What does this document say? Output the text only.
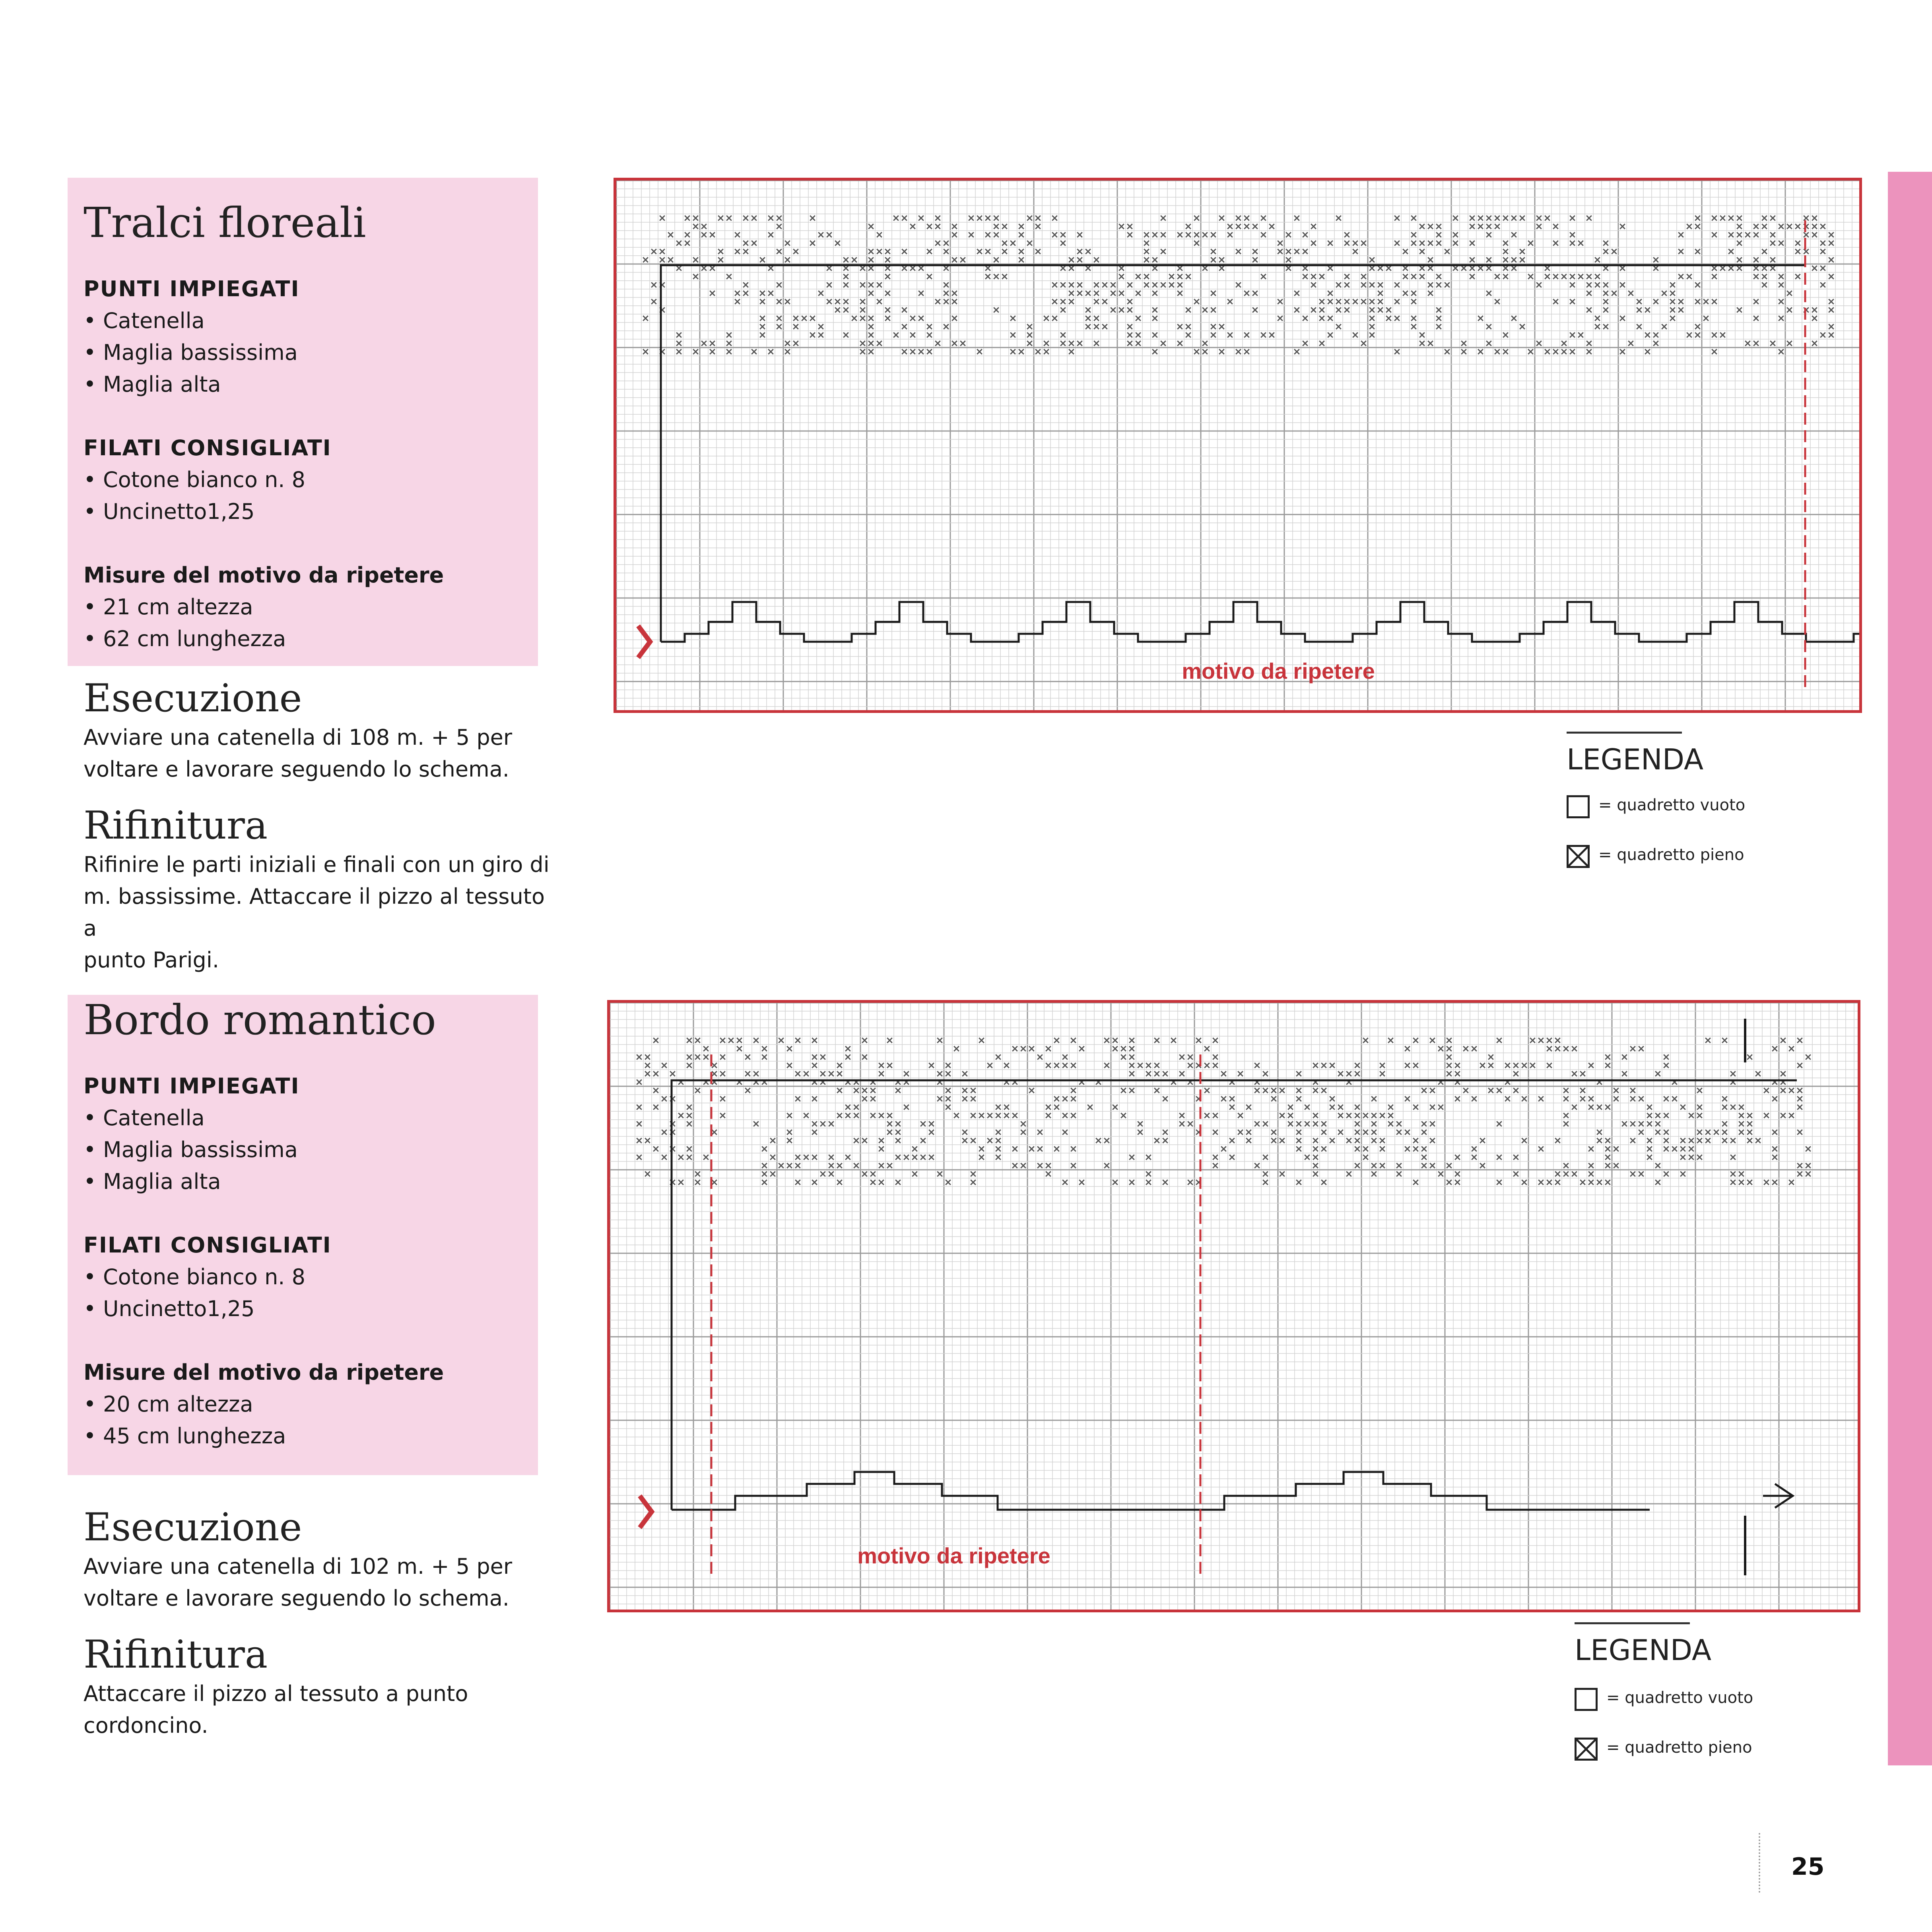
Tralci floreali
PUNTI IMPIEGATI
• Catenella
• Maglia bassissima
• Maglia alta
FILATI CONSIGLIATI
• Cotone bianco n. 8
• Uncinetto1,25
Misure del motivo da ripetere
• 21 cm altezza
• 62 cm lunghezza
Esecuzione
Avviare una catenella di 108 m. + 5 per
voltare e lavorare seguendo lo schema.
Rifinitura
Rifinire le parti iniziali e finali con un giro di
m. bassissime. Attaccare il pizzo al tessuto a
punto Parigi.
motivo da ripetere
LEGENDA
= quadretto vuoto
= quadretto pieno
Bordo romantico
PUNTI IMPIEGATI
• Catenella
• Maglia bassissima
• Maglia alta
FILATI CONSIGLIATI
• Cotone bianco n. 8
• Uncinetto1,25
Misure del motivo da ripetere
• 20 cm altezza
• 45 cm lunghezza
Esecuzione
Avviare una catenella di 102 m. + 5 per
voltare e lavorare seguendo lo schema.
Rifinitura
Attaccare il pizzo al tessuto a punto
cordoncino.
motivo da ripetere
LEGENDA
= quadretto vuoto
= quadretto pieno
25
